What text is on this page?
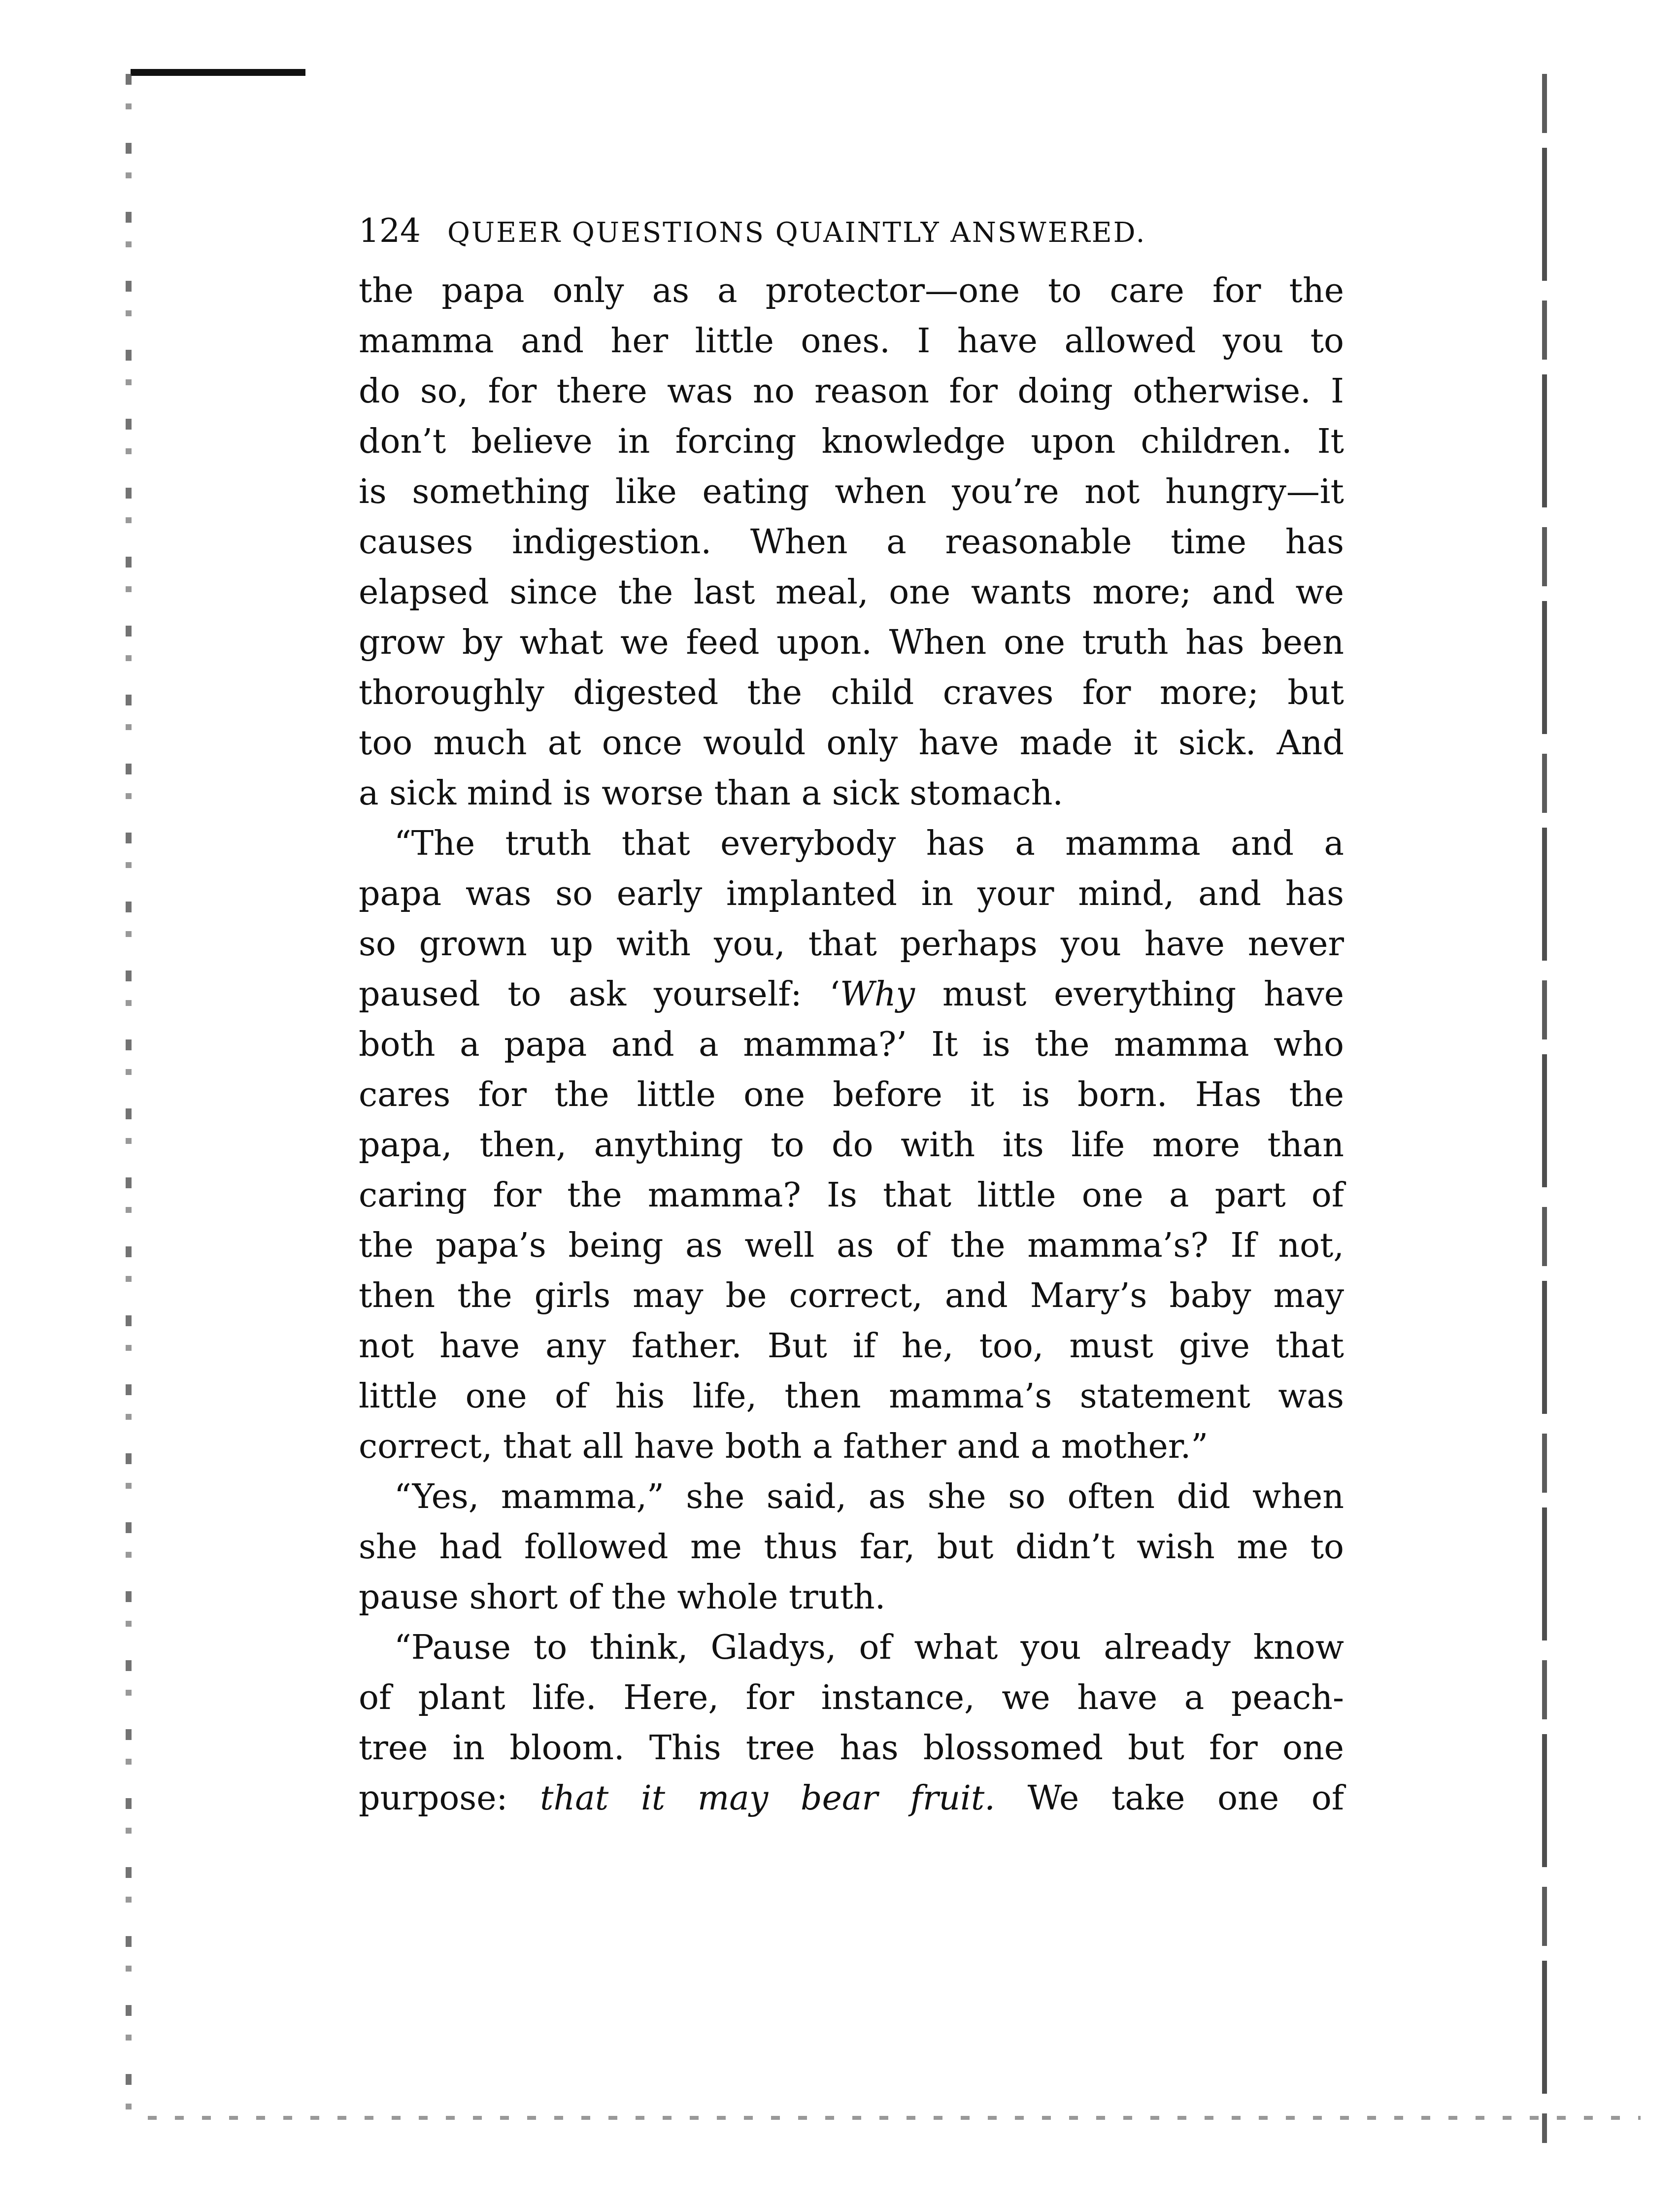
124 QUEER QUESTIONS QUAINTLY ANSWERED.
the papa only as a protector—one to care for the
mamma and her little ones. I have allowed you to
do so, for there was no reason for doing otherwise. I
don’t believe in forcing knowledge upon children. It
is something like eating when you’re not hungry—it
causes indigestion. When a reasonable time has
elapsed since the last meal, one wants more; and we
grow by what we feed upon. When one truth has been
thoroughly digested the child craves for more; but
too much at once would only have made it sick. And
a sick mind is worse than a sick stomach.
“The truth that everybody has a mamma and a
papa was so early implanted in your mind, and has
so grown up with you, that perhaps you have never
paused to ask yourself: ‘Why must everything have
both a papa and a mamma?’ It is the mamma who
cares for the little one before it is born. Has the
papa, then, anything to do with its life more than
caring for the mamma? Is that little one a part of
the papa’s being as well as of the mamma’s? If not,
then the girls may be correct, and Mary’s baby may
not have any father. But if he, too, must give that
little one of his life, then mamma’s statement was
correct, that all have both a father and a mother.”
“Yes, mamma,” she said, as she so often did when
she had followed me thus far, but didn’t wish me to
pause short of the whole truth.
“Pause to think, Gladys, of what you already know
of plant life. Here, for instance, we have a peach-
tree in bloom. This tree has blossomed but for one
purpose: that it may bear fruit. We take one of
